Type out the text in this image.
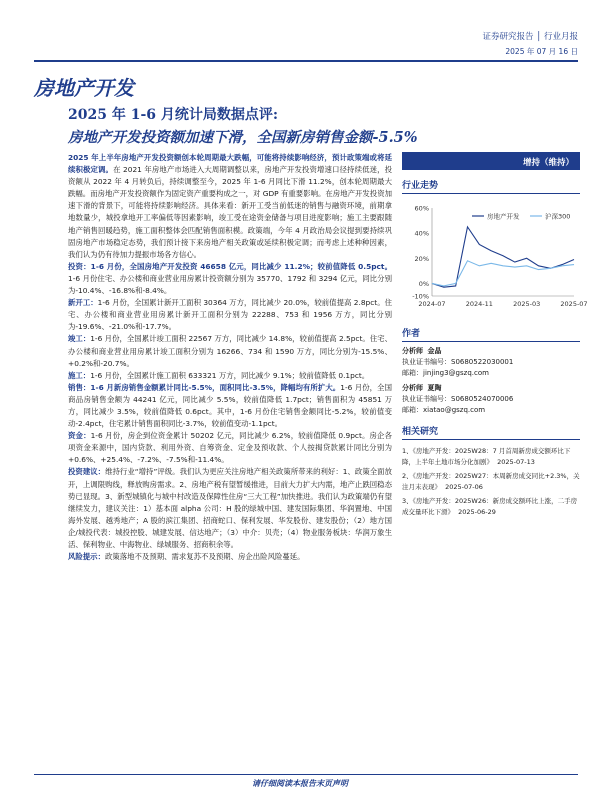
证券研究报告 │ 行业月报
2025 年 07 月 16 日
房地产开发
2025 年 1-6 月统计局数据点评:
房地产开发投资额加速下滑，全国新房销售金额-5.5%

2025 年上半年房地产开发投资额创本轮周期最大跌幅，可能将持续影响经济，预计政策端或将延续积极定调。在 2021 年房地产市场进入大周期调整以来，房地产开发投资增速口径持续低迷，投资额从 2022 年 4 月转负后，持续调整至今，2025 年 1-6 月同比下滑 11.2%，创本轮周期最大跌幅。而房地产开发投资额作为固定资产重要构成之一，对 GDP 有重要影响。在房地产开发投资加速下滑的背景下，可能将持续影响经济。具体来看：新开工受当前低迷的销售与融资环境，前期拿地数量少，城投拿地开工率偏低等因素影响，竣工受在途资金储备与项目进度影响；施工主要跟随地产销售回暖趋势，施工面积整体会匹配销售面积模。政策端，今年 4 月政治局会议提到要持续巩固房地产市场稳定态势，我们预计接下来房地产相关政策或延续积极定调；而考虑上述种种因素，我们认为仍有待加力提振市场各方信心。

投资：1-6 月份，全国房地产开发投资 46658 亿元，同比减少 11.2%；较前值降低 0.5pct。1-6 月份住宅、办公楼和商业营业用房累计投资额分别为 35770、1792 和 3294 亿元，同比分别为-10.4%、-16.8%和-8.4%。

新开工：1-6 月份，全国累计新开工面积 30364 万方，同比减少 20.0%，较前值提高 2.8pct。住宅、办公楼和商业营业用房累计新开工面积分别为 22288、753 和 1956 万方，同比分别为-19.6%、-21.0%和-17.7%。

竣工：1-6 月份，全国累计竣工面积 22567 万方，同比减少 14.8%，较前值提高 2.5pct。住宅、办公楼和商业营业用房累计竣工面积分别为 16266、734 和 1590 万方，同比分别为-15.5%、+0.2%和-20.7%。

施工：1-6 月份，全国累计施工面积 633321 万方，同比减少 9.1%；较前值降低 0.1pct。

销售：1-6 月新房销售金额累计同比-5.5%，面积同比-3.5%，降幅均有所扩大。1-6 月份，全国商品房销售金额为 44241 亿元，同比减少 5.5%，较前值降低 1.7pct；销售面积为 45851 万方，同比减少 3.5%，较前值降低 0.6pct。其中，1-6 月份住宅销售金额同比-5.2%，较前值变动-2.4pct，住宅累计销售面积同比-3.7%，较前值变动-1.1pct。

资金：1-6 月份，房企到位资金累计 50202 亿元，同比减少 6.2%，较前值降低 0.9pct。房企各项资金来源中，国内贷款、利用外资、自筹资金、定金及预收款、个人按揭贷款累计同比分别为+0.6%、+25.4%、-7.2%、-7.5%和-11.4%。

投资建议：维持行业“增持”评级。我们认为更应关注房地产相关政策所带来的利好：1、政策全面放开，上调限购线，释放购房需求。2、房地产税有望暂缓推进，目前大力扩大内需，地产止跌回稳态势已显现。3、新型城镇化与城中村改造及保障性住房“三大工程”加快推进。我们认为政策端仍有望继续发力，建议关注：1）基本面 alpha 公司：H 股的绿城中国、建发国际集团、华润置地、中国海外发展、越秀地产；A 股的滨江集团、招商蛇口、保利发展、华发股份、建发股份；（2）地方国企/城投代表：城投控股、城建发展、信达地产；（3）中介：贝壳；（4）物业服务板块：华润万象生活、保利物业、中海物业、绿城服务、招商积余等。

风险提示：政策落地不及预期、需求复苏不及预期、房企出险风险蔓延。

增持（维持）
行业走势
60%
40%
20%
0%
-10%
2024-07	2024-11	2025-03	2025-07
房地产开发	沪深300
作者
分析师 金晶
执业证书编号：S0680522030001
邮箱：jinjing3@gszq.com
分析师 夏陶
执业证书编号：S0680524070006
邮箱：xiatao@gszq.com
相关研究
1、《房地产开发：2025W28：7 月首周新房成交额环比下降，上半年土地市场分化加剧》 2025-07-13
2、《房地产开发：2025W27：本周新房成交同比+2.3%，关注月末表现》 2025-07-06
3、《房地产开发：2025W26：新房成交额环比上涨，二手房成交量环比下滑》 2025-06-29
请仔细阅读本报告末页声明
